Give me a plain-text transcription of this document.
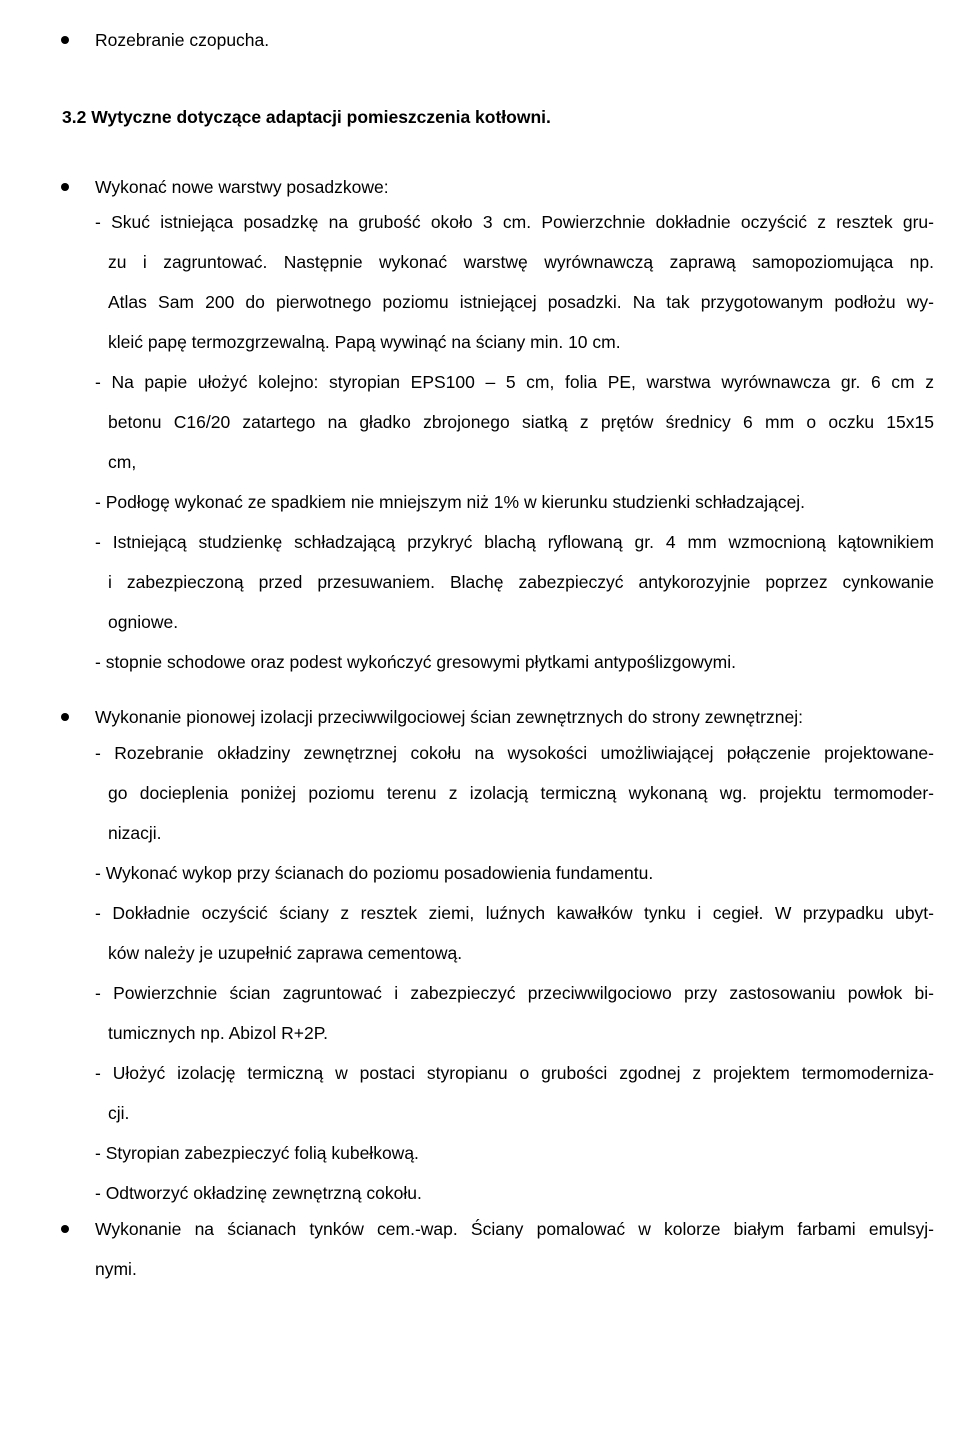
Rozebranie czopucha.
3.2 Wytyczne dotyczące adaptacji pomieszczenia kotłowni.
Wykonać nowe warstwy posadzkowe:
- Skuć istniejąca posadzkę na grubość około 3 cm. Powierzchnie dokładnie oczyścić z resztek gru-
zu i zagruntować. Następnie wykonać warstwę wyrównawczą zaprawą samopoziomująca np.
Atlas Sam 200 do pierwotnego poziomu istniejącej posadzki. Na tak przygotowanym podłożu wy-
kleić papę termozgrzewalną. Papą wywinąć na ściany min. 10 cm.
- Na papie ułożyć kolejno: styropian EPS100 – 5 cm, folia PE, warstwa wyrównawcza gr. 6 cm z
betonu C16/20 zatartego na gładko zbrojonego siatką z prętów średnicy 6 mm o oczku 15x15
cm,
- Podłogę wykonać ze spadkiem nie mniejszym niż 1% w kierunku studzienki schładzającej.
- Istniejącą studzienkę schładzającą przykryć blachą ryflowaną gr. 4 mm wzmocnioną kątownikiem
i zabezpieczoną przed przesuwaniem. Blachę zabezpieczyć antykorozyjnie poprzez cynkowanie
ogniowe.
- stopnie schodowe oraz podest wykończyć gresowymi płytkami antypoślizgowymi.
Wykonanie pionowej izolacji przeciwwilgociowej ścian zewnętrznych do strony zewnętrznej:
- Rozebranie okładziny zewnętrznej cokołu na wysokości umożliwiającej połączenie projektowane-
go docieplenia poniżej poziomu terenu z izolacją termiczną wykonaną wg. projektu termomoder-
nizacji.
- Wykonać wykop przy ścianach do poziomu posadowienia fundamentu.
- Dokładnie oczyścić ściany z resztek ziemi, luźnych kawałków tynku i cegieł. W przypadku ubyt-
ków należy je uzupełnić zaprawa cementową.
- Powierzchnie ścian zagruntować i zabezpieczyć przeciwwilgociowo przy zastosowaniu powłok bi-
tumicznych np. Abizol R+2P.
- Ułożyć izolację termiczną w postaci styropianu o grubości zgodnej z projektem termomoderniza-
cji.
- Styropian zabezpieczyć folią kubełkową.
- Odtworzyć okładzinę zewnętrzną cokołu.
Wykonanie na ścianach tynków cem.-wap. Ściany pomalować w kolorze białym farbami emulsyj-
nymi.
